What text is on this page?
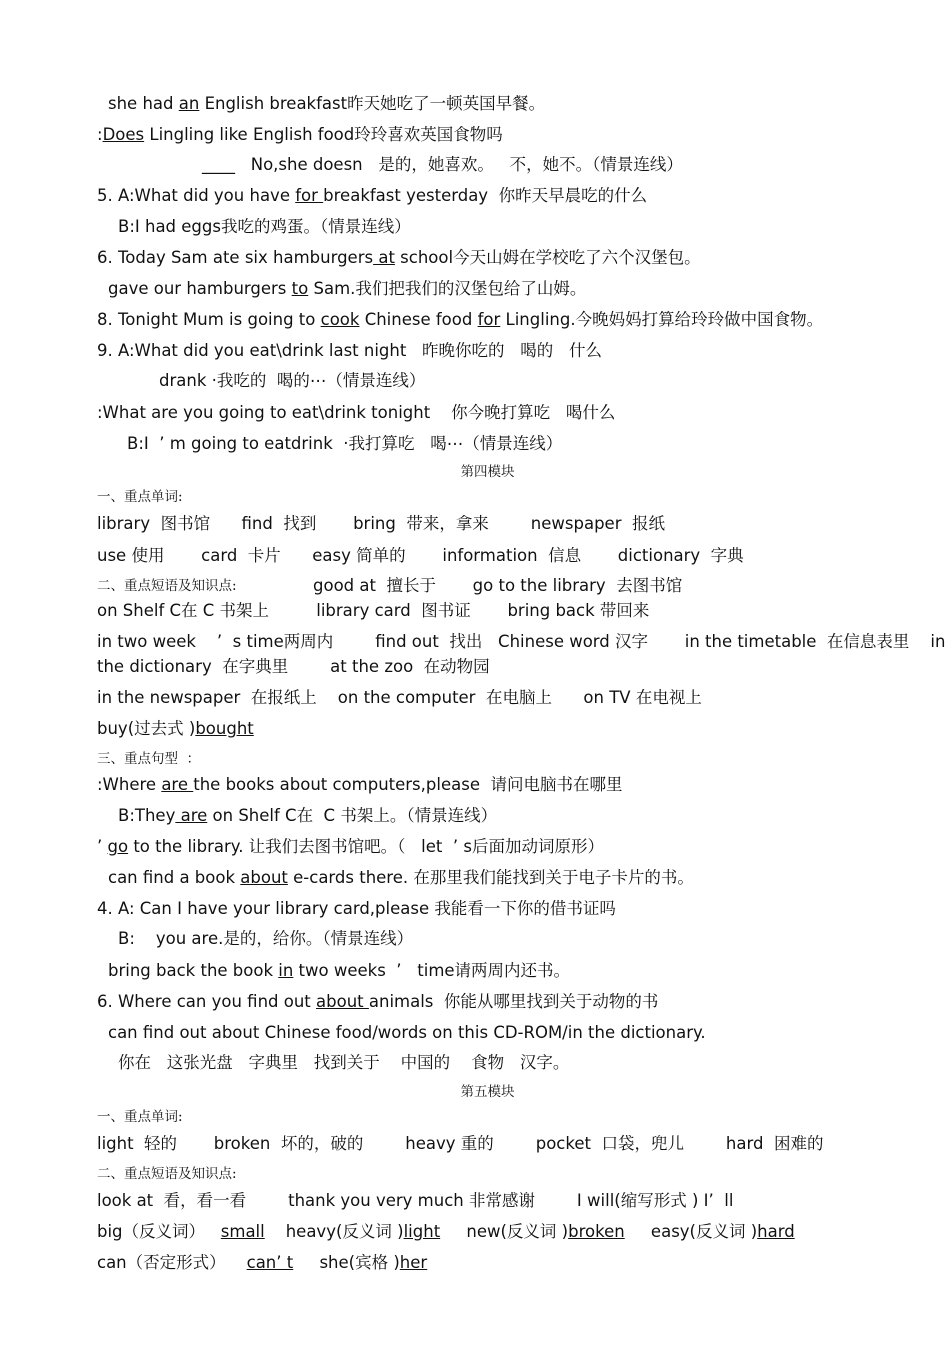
she had an English breakfast昨天她吃了一顿英国早餐。
:Does Lingling like English food玲玲喜欢英国食物吗
____   No,she doesn   是的，她喜欢。   不，她不。（情景连线）
5. A:What did you have for breakfast yesterday  你昨天早晨吃的什么
B:I had eggs我吃的鸡蛋。（情景连线）
6. Today Sam ate six hamburgers at school今天山姆在学校吃了六个汉堡包。
gave our hamburgers to Sam.我们把我们的汉堡包给了山姆。
8. Tonight Mum is going to cook Chinese food for Lingling.今晚妈妈打算给玲玲做中国食物。
9. A:What did you eat\drink last night   昨晚你吃的   喝的   什么
drank ·我吃的  喝的⋯（情景连线）
:What are you going to eat\drink tonight    你今晚打算吃   喝什么
B:I  ’ m going to eatdrink  ·我打算吃   喝⋯（情景连线）
第四模块
一、重点单词:
library  图书馆      find  找到       bring  带来，拿来        newspaper  报纸
use 使用       card  卡片      easy 简单的       information  信息       dictionary  字典
二、重点短语及知识点:	good at  擅长于       go to the library  去图书馆
on Shelf C在 C 书架上         library card  图书证       bring back 带回来
in two week    ’  s time两周内        find out  找出   Chinese word 汉字       in the timetable  在信息表里    in
the dictionary  在字典里        at the zoo  在动物园
in the newspaper  在报纸上    on the computer  在电脑上      on TV 在电视上
buy(过去式 )bought
三、重点句型  ：
:Where are the books about computers,please  请问电脑书在哪里
B:They are on Shelf C在  C 书架上。（情景连线）
’ go to the library. 让我们去图书馆吧。（   let  ’ s后面加动词原形）
can find a book about e-cards there. 在那里我们能找到关于电子卡片的书。
4. A: Can I have your library card,please 我能看一下你的借书证吗
B:    you are.是的，给你。（情景连线）
bring back the book in two weeks  ’   time请两周内还书。
6. Where can you find out about animals  你能从哪里找到关于动物的书
can find out about Chinese food/words on this CD-ROM/in the dictionary.
你在   这张光盘   字典里   找到关于    中国的    食物   汉字。
第五模块
一、重点单词:
light  轻的       broken  坏的，破的        heavy 重的        pocket  口袋，兜儿        hard  困难的
二、重点短语及知识点:
look at  看，看一看        thank you very much 非常感谢        I will(缩写形式 ) I’  ll
big（反义词）   small    heavy(反义词 )light     new(反义词 )broken     easy(反义词 )hard
can（否定形式）    can’ t     she(宾格 )her
